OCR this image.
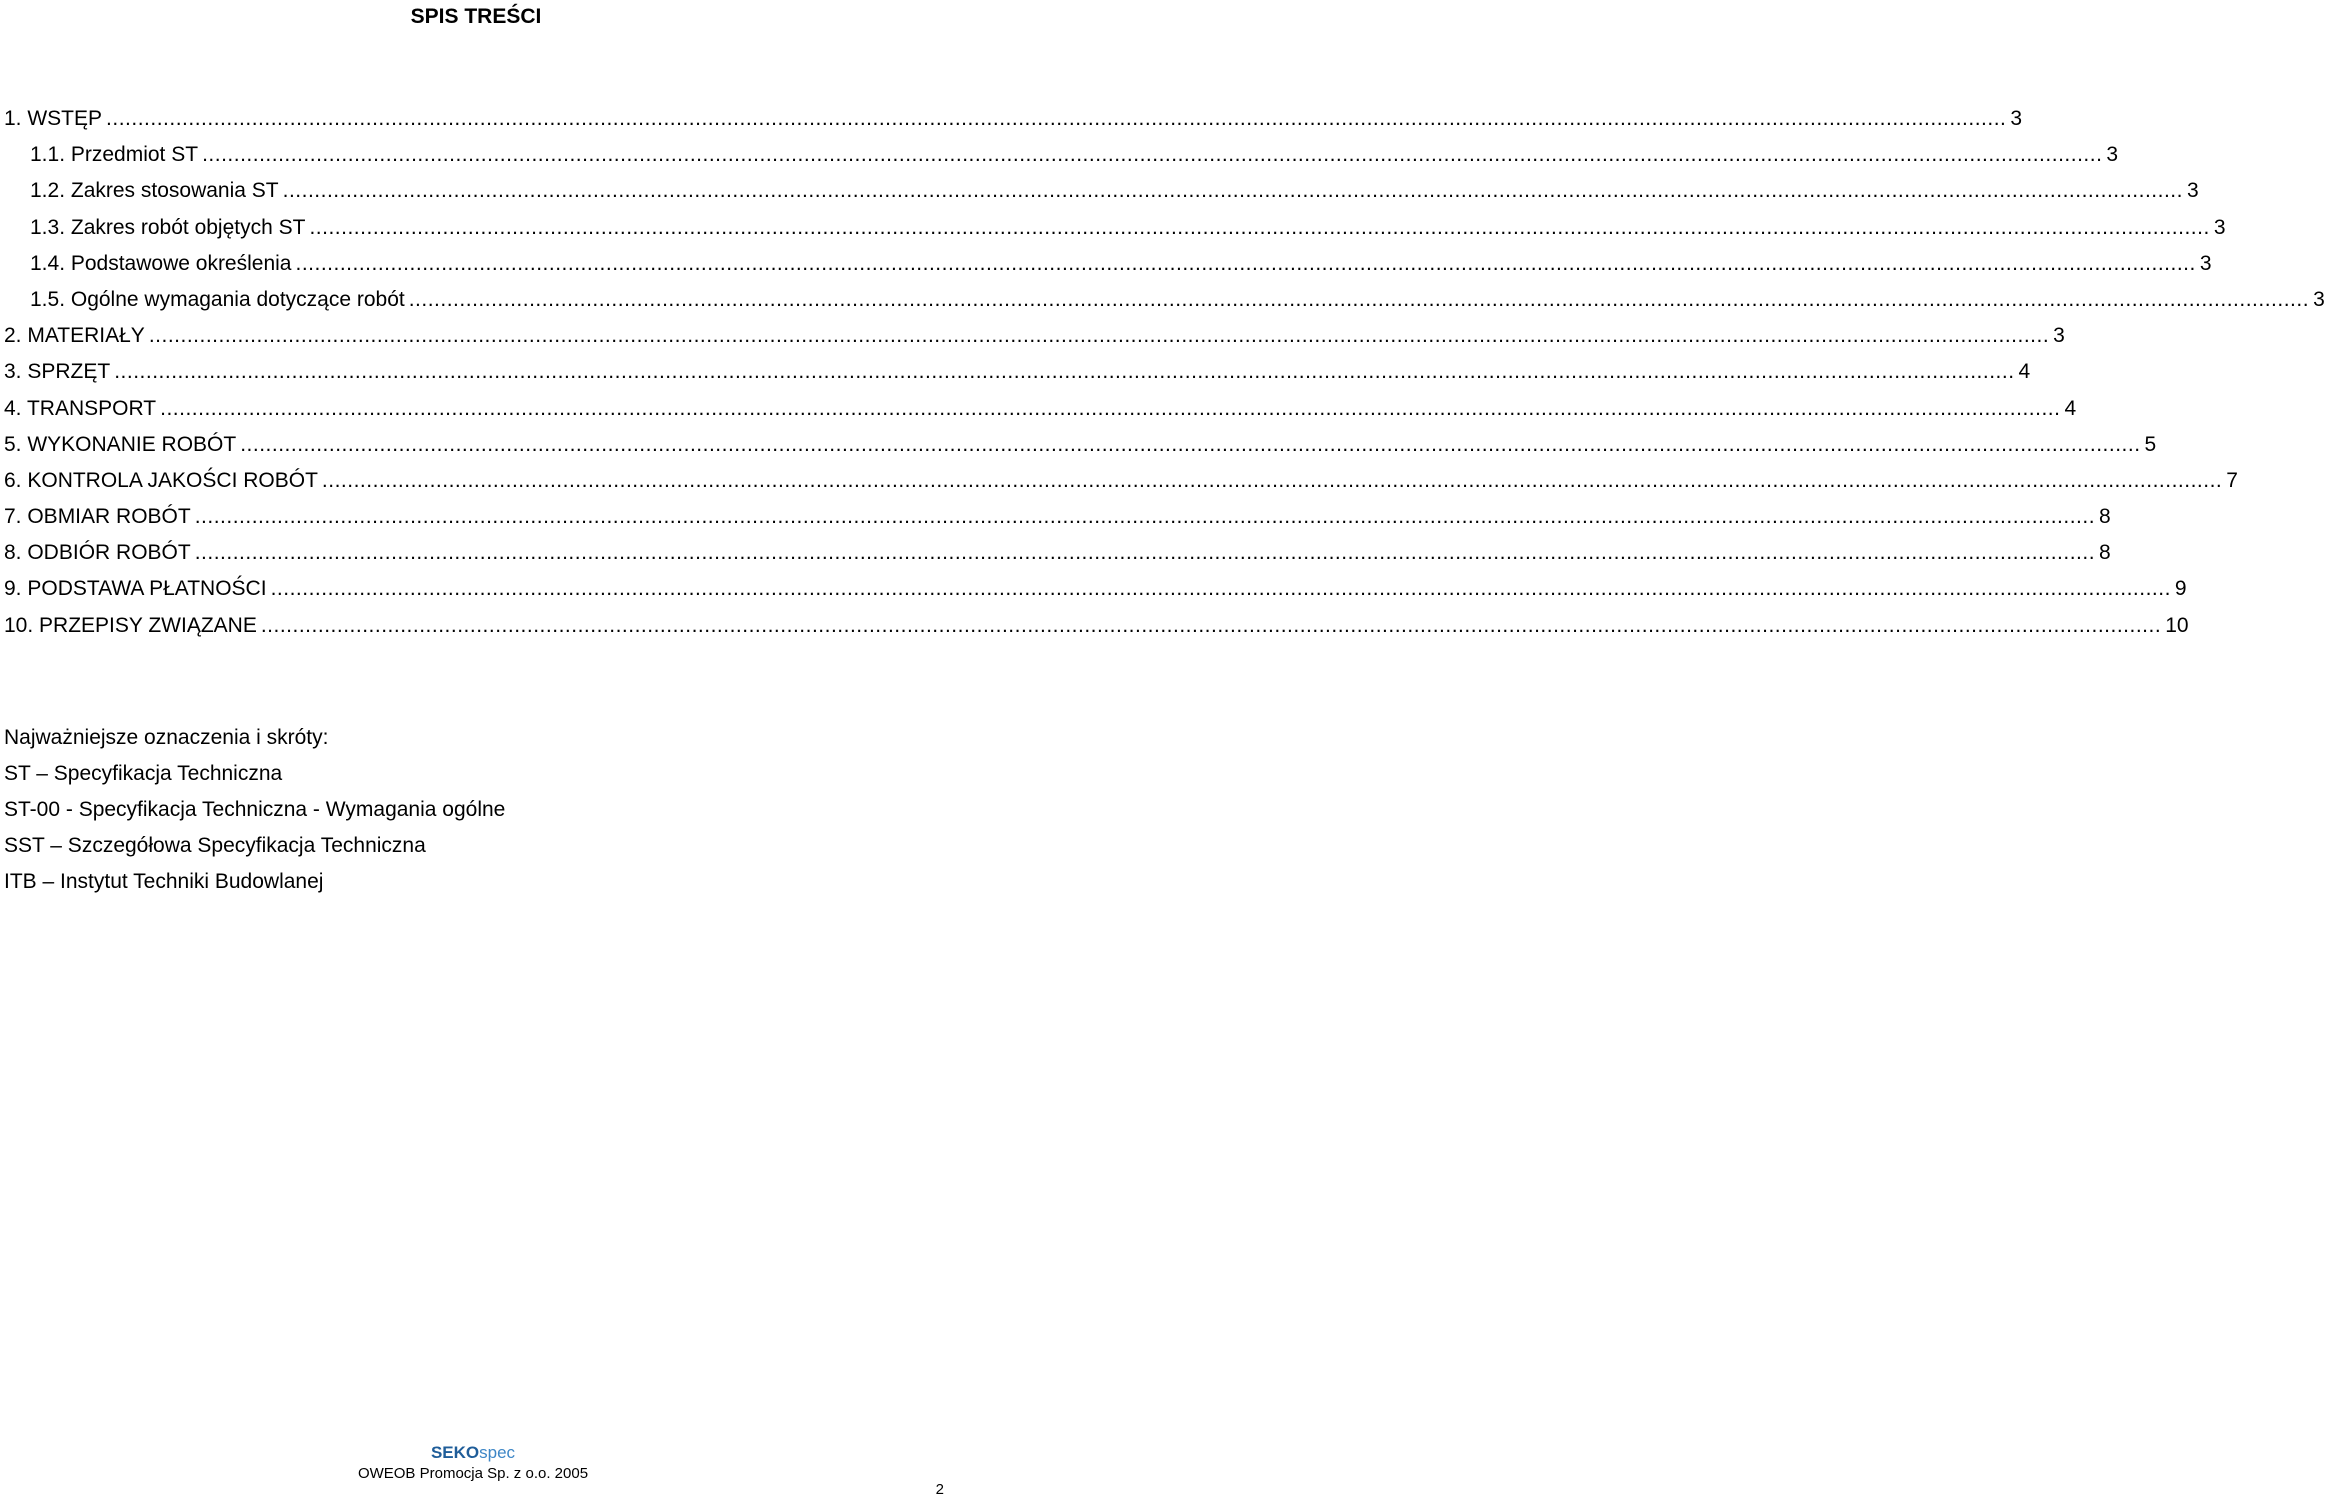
SPIS TREŚCI
1. WSTĘP ............................................................................................................................................................................................................................................................................................................ 3
1.1. Przedmiot ST ............................................................................................................................................................................................................................................................................................................ 3
1.2. Zakres stosowania ST ............................................................................................................................................................................................................................................................................................................ 3
1.3. Zakres robót objętych ST ............................................................................................................................................................................................................................................................................................................ 3
1.4. Podstawowe określenia ............................................................................................................................................................................................................................................................................................................ 3
1.5. Ogólne wymagania dotyczące robót ............................................................................................................................................................................................................................................................................................................ 3
2. MATERIAŁY ............................................................................................................................................................................................................................................................................................................ 3
3. SPRZĘT ............................................................................................................................................................................................................................................................................................................ 4
4. TRANSPORT ............................................................................................................................................................................................................................................................................................................ 4
5. WYKONANIE ROBÓT ............................................................................................................................................................................................................................................................................................................ 5
6. KONTROLA JAKOŚCI ROBÓT ............................................................................................................................................................................................................................................................................................................ 7
7. OBMIAR ROBÓT ............................................................................................................................................................................................................................................................................................................ 8
8. ODBIÓR ROBÓT ............................................................................................................................................................................................................................................................................................................ 8
9. PODSTAWA PŁATNOŚCI ............................................................................................................................................................................................................................................................................................................ 9
10. PRZEPISY ZWIĄZANE ............................................................................................................................................................................................................................................................................................................ 10
Najważniejsze oznaczenia i skróty:
ST – Specyfikacja Techniczna
ST-00 - Specyfikacja Techniczna - Wymagania ogólne
SST – Szczegółowa Specyfikacja Techniczna
ITB – Instytut Techniki Budowlanej
SEKOspec
OWEOB Promocja Sp. z o.o. 2005
2
